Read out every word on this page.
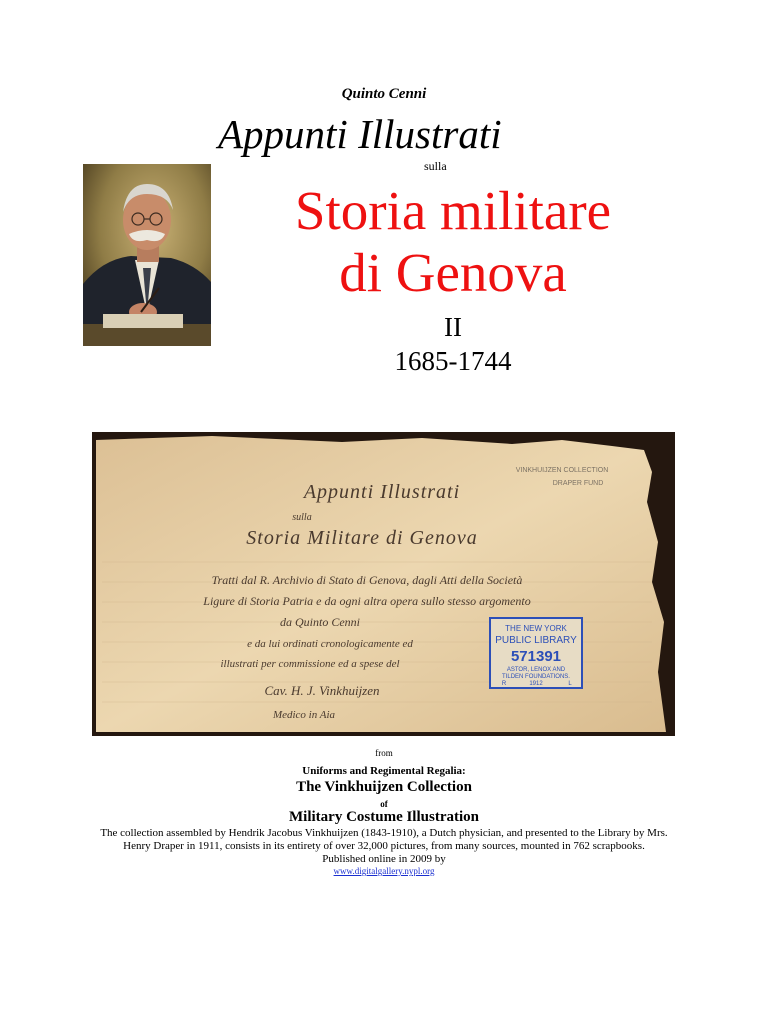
Quinto Cenni
Appunti Illustrati
sulla
Storia militare
di Genova
II
1685-1744
Appunti Illustrati
sulla
Storia Militare di Genova
Tratti dal R. Archivio di Stato di Genova, dagli Atti della Società
Ligure di Storia Patria e da ogni altra opera sullo stesso argomento
da Quinto Cenni
e da lui ordinati cronologicamente ed
illustrati per commissione ed a spese del
Cav. H. J. Vinkhuijzen
Medico in Aia
VINKHUIJZEN COLLECTION
DRAPER FUND
THE NEW YORK
PUBLIC LIBRARY
571391
ASTOR, LENOX AND
TILDEN FOUNDATIONS.
R	1912	L
from
Uniforms and Regimental Regalia:
The Vinkhuijzen Collection
of
Military Costume Illustration
The collection assembled by Hendrik Jacobus Vinkhuijzen (1843-1910), a Dutch physician, and presented to the Library by Mrs.
Henry Draper in 1911, consists in its entirety of over 32,000 pictures, from many sources, mounted in 762 scrapbooks.
Published online in 2009 by
www.digitalgallery.nypl.org
